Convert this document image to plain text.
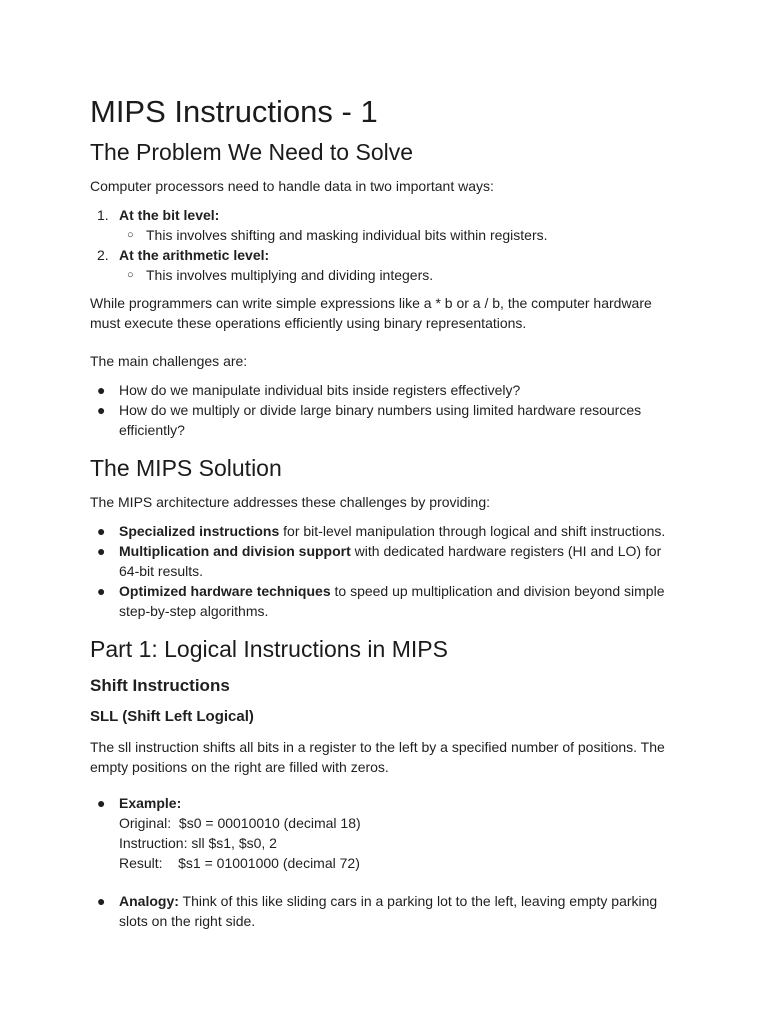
MIPS Instructions - 1
The Problem We Need to Solve

Computer processors need to handle data in two important ways:

1. At the bit level:
○ This involves shifting and masking individual bits within registers.
2. At the arithmetic level:
○ This involves multiplying and dividing integers.

While programmers can write simple expressions like a * b or a / b, the computer hardware must execute these operations efficiently using binary representations.

The main challenges are:

● How do we manipulate individual bits inside registers effectively?
● How do we multiply or divide large binary numbers using limited hardware resources efficiently?
The MIPS Solution

The MIPS architecture addresses these challenges by providing:

● Specialized instructions for bit-level manipulation through logical and shift instructions.
● Multiplication and division support with dedicated hardware registers (HI and LO) for 64-bit results.
● Optimized hardware techniques to speed up multiplication and division beyond simple step-by-step algorithms.
Part 1: Logical Instructions in MIPS
Shift Instructions
SLL (Shift Left Logical)

The sll instruction shifts all bits in a register to the left by a specified number of positions. The empty positions on the right are filled with zeros.

● Example:
Original:  $s0 = 00010010 (decimal 18)
Instruction: sll $s1, $s0, 2
Result:    $s1 = 01001000 (decimal 72)
● Analogy: Think of this like sliding cars in a parking lot to the left, leaving empty parking slots on the right side.
